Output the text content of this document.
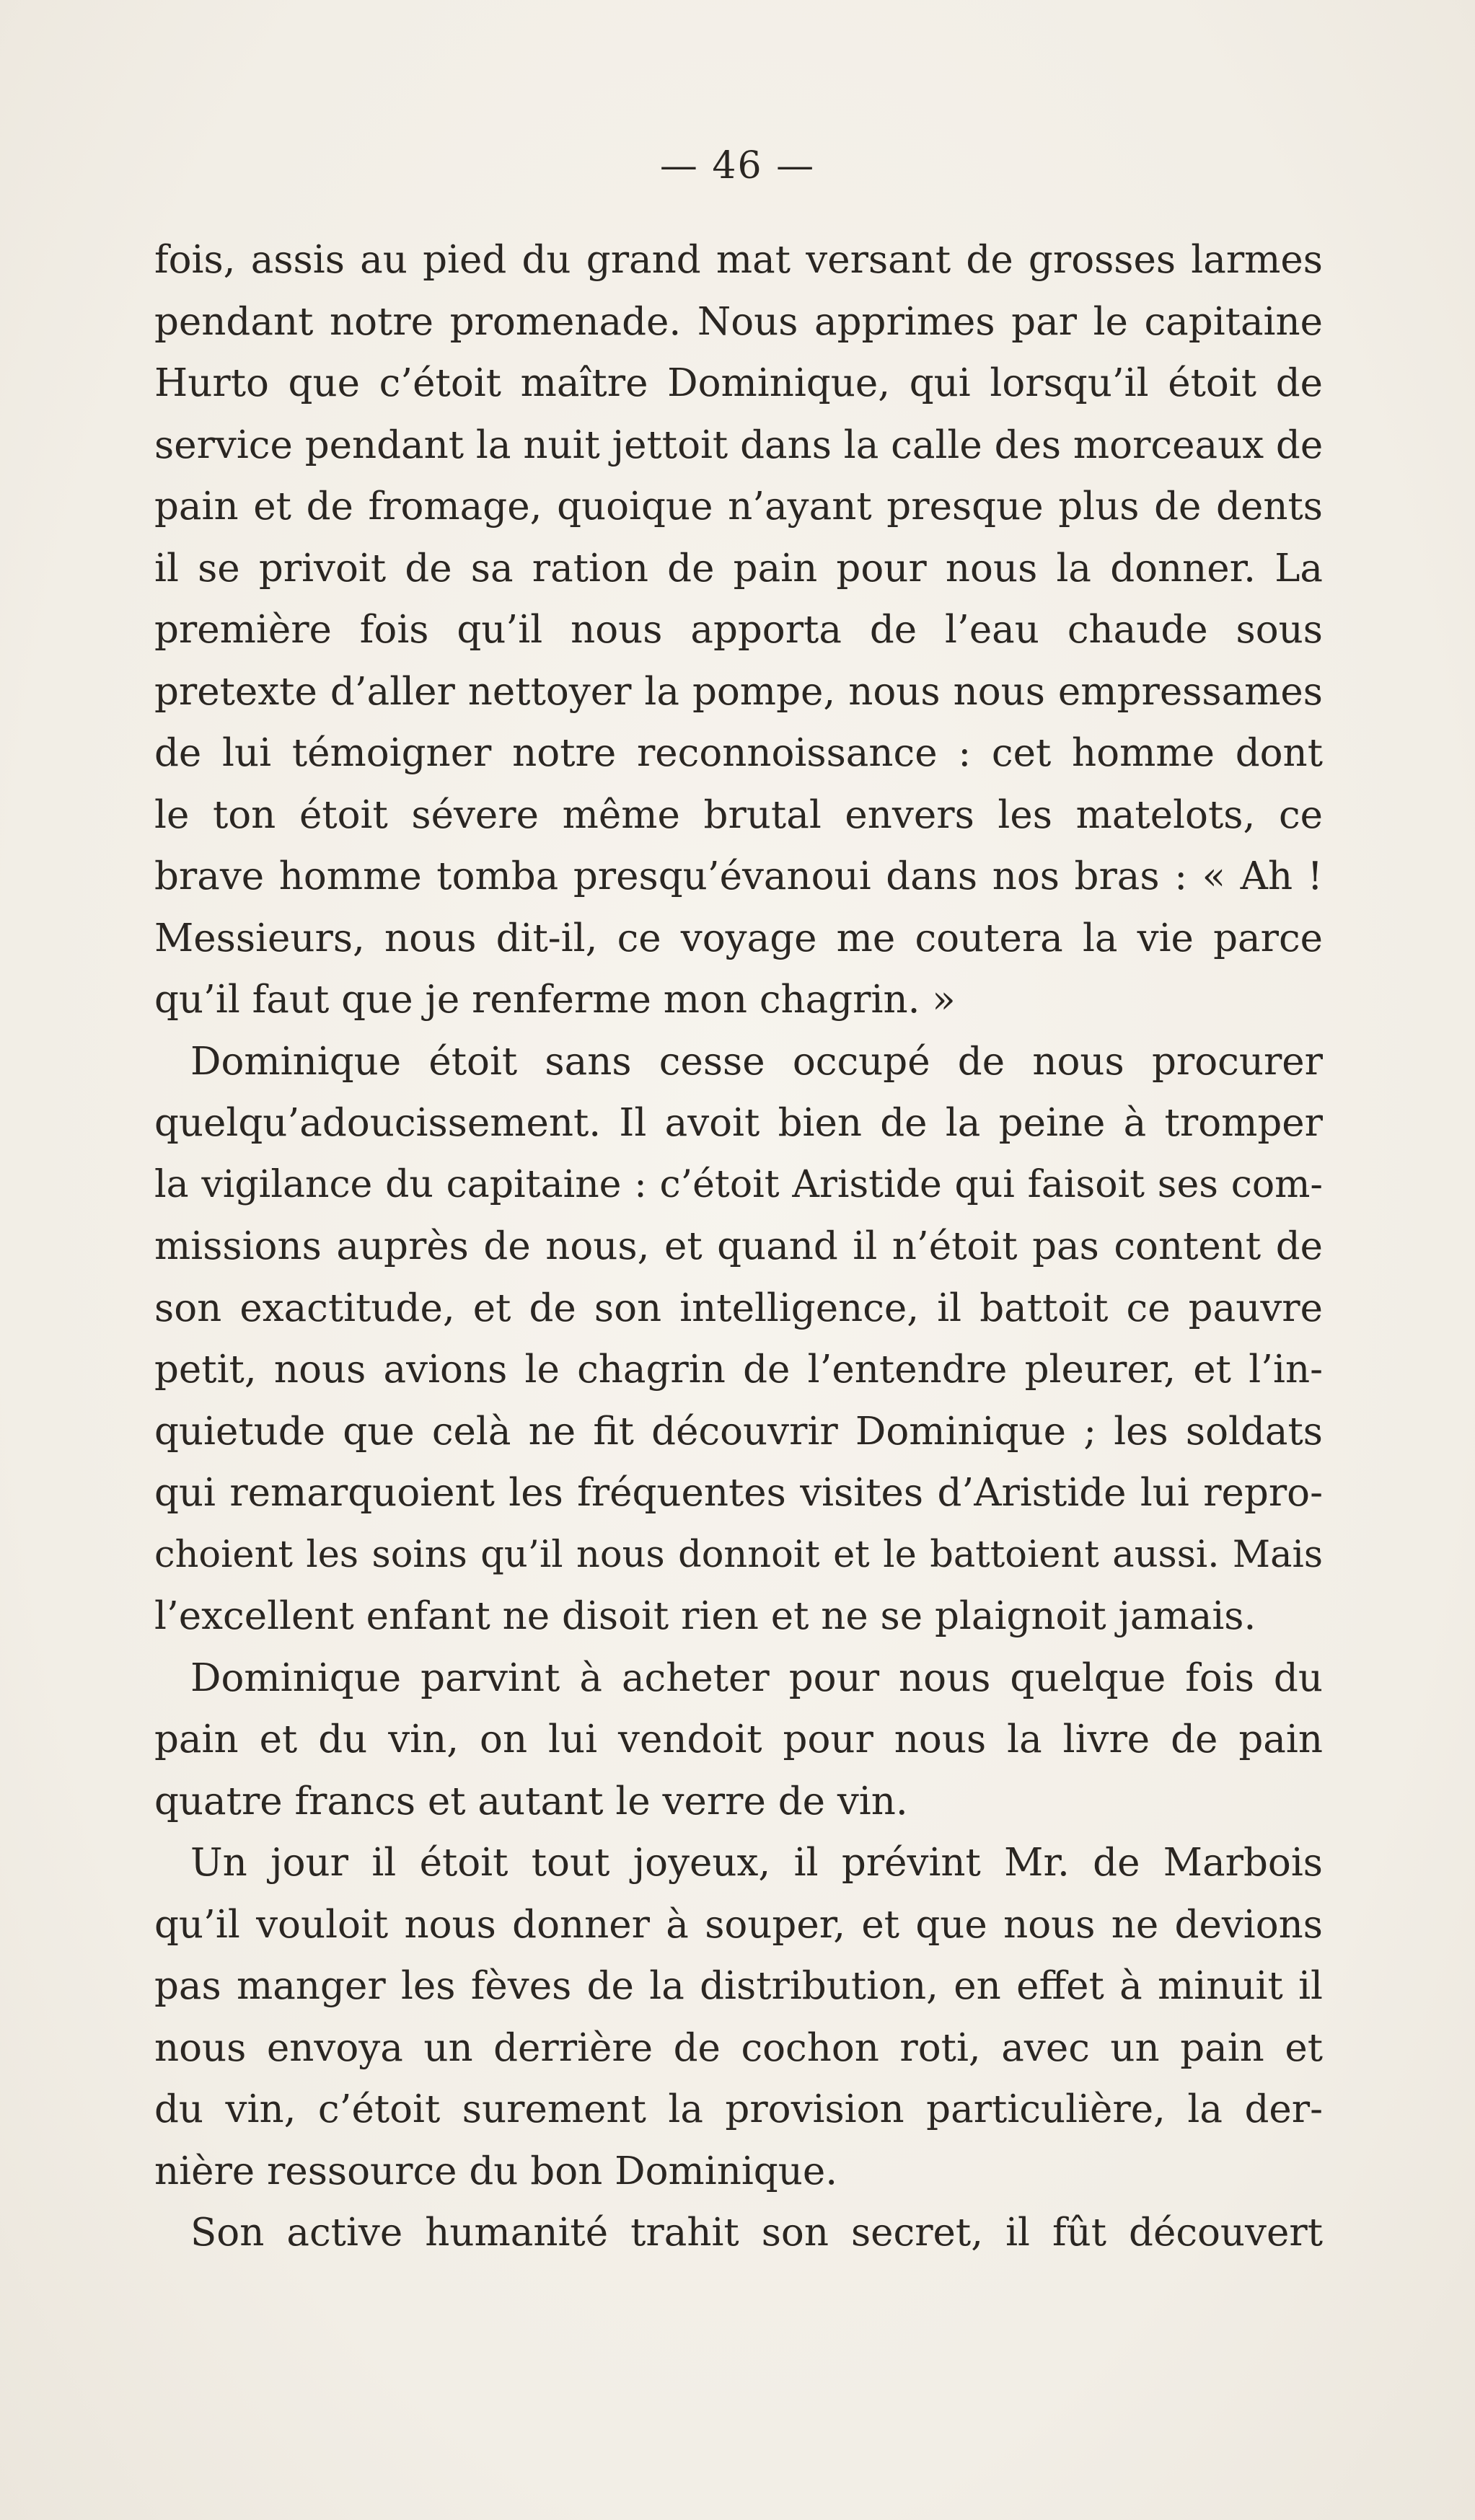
— 46 —
fois, assis au pied du grand mat versant de grosses larmes
pendant notre promenade. Nous apprimes par le capitaine
Hurto que c’étoit maître Dominique, qui lorsqu’il étoit de
service pendant la nuit jettoit dans la calle des morceaux de
pain et de fromage, quoique n’ayant presque plus de dents
il se privoit de sa ration de pain pour nous la donner. La
première fois qu’il nous apporta de l’eau chaude sous
pretexte d’aller nettoyer la pompe, nous nous empressames
de lui témoigner notre reconnoissance : cet homme dont
le ton étoit sévere même brutal envers les matelots, ce
brave homme tomba presqu’évanoui dans nos bras : « Ah !
Messieurs, nous dit-il, ce voyage me coutera la vie parce
qu’il faut que je renferme mon chagrin. »
Dominique étoit sans cesse occupé de nous procurer
quelqu’adoucissement. Il avoit bien de la peine à tromper
la vigilance du capitaine : c’étoit Aristide qui faisoit ses com-
missions auprès de nous, et quand il n’étoit pas content de
son exactitude, et de son intelligence, il battoit ce pauvre
petit, nous avions le chagrin de l’entendre pleurer, et l’in-
quietude que celà ne fit découvrir Dominique ; les soldats
qui remarquoient les fréquentes visites d’Aristide lui repro-
choient les soins qu’il nous donnoit et le battoient aussi. Mais
l’excellent enfant ne disoit rien et ne se plaignoit jamais.
Dominique parvint à acheter pour nous quelque fois du
pain et du vin, on lui vendoit pour nous la livre de pain
quatre francs et autant le verre de vin.
Un jour il étoit tout joyeux, il prévint Mr. de Marbois
qu’il vouloit nous donner à souper, et que nous ne devions
pas manger les fèves de la distribution, en effet à minuit il
nous envoya un derrière de cochon roti, avec un pain et
du vin, c’étoit surement la provision particulière, la der-
nière ressource du bon Dominique.
Son active humanité trahit son secret, il fût découvert
